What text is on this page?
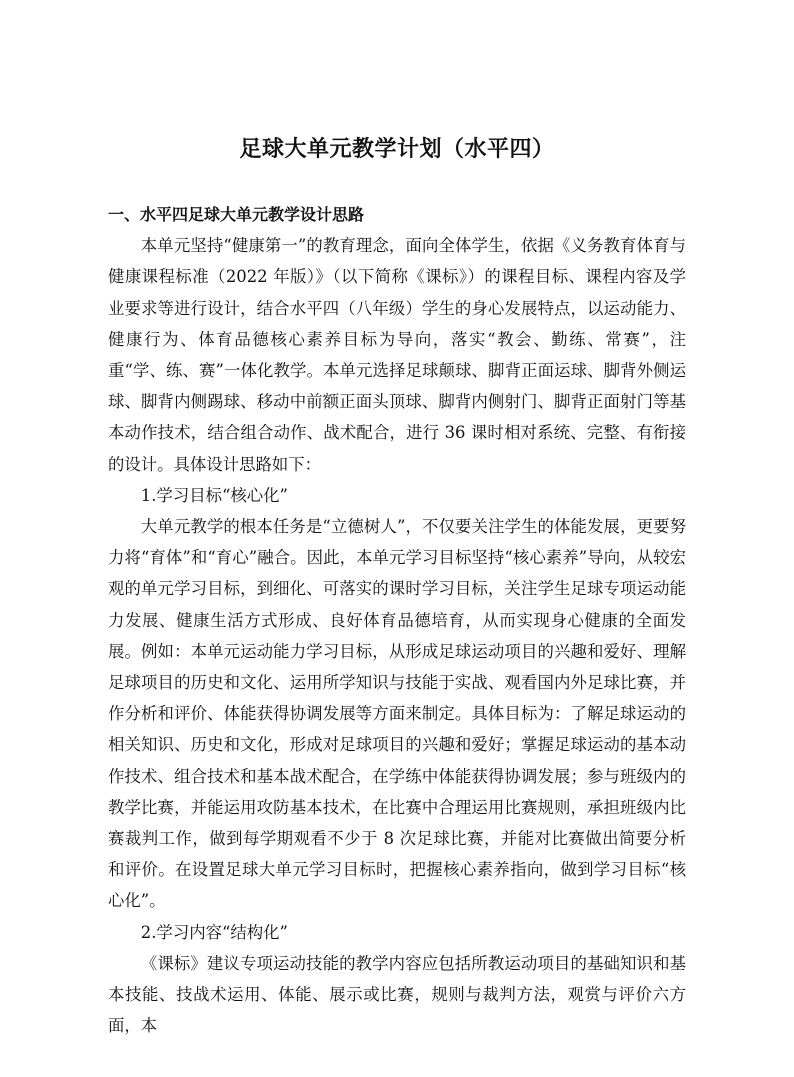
足球大单元教学计划（水平四）
一、水平四足球大单元教学设计思路

本单元坚持“健康第一”的教育理念，面向全体学生，依据《义务教育体育与健康课程标准（2022 年版）》（以下简称《课标》）的课程目标、课程内容及学业要求等进行设计，结合水平四（八年级）学生的身心发展特点，以运动能力、健康行为、体育品德核心素养目标为导向，落实“教会、勤练、常赛”，注重“学、练、赛”一体化教学。本单元选择足球颠球、脚背正面运球、脚背外侧运球、脚背内侧踢球、移动中前额正面头顶球、脚背内侧射门、脚背正面射门等基本动作技术，结合组合动作、战术配合，进行 36 课时相对系统、完整、有衔接的设计。具体设计思路如下：

1.学习目标“核心化”

大单元教学的根本任务是“立德树人”，不仅要关注学生的体能发展，更要努力将“育体”和“育心”融合。因此，本单元学习目标坚持“核心素养”导向，从较宏观的单元学习目标，到细化、可落实的课时学习目标，关注学生足球专项运动能力发展、健康生活方式形成、良好体育品德培育，从而实现身心健康的全面发展。例如：本单元运动能力学习目标，从形成足球运动项目的兴趣和爱好、理解足球项目的历史和文化、运用所学知识与技能于实战、观看国内外足球比赛，并作分析和评价、体能获得协调发展等方面来制定。具体目标为：了解足球运动的相关知识、历史和文化，形成对足球项目的兴趣和爱好；掌握足球运动的基本动作技术、组合技术和基本战术配合，在学练中体能获得协调发展；参与班级内的教学比赛，并能运用攻防基本技术，在比赛中合理运用比赛规则，承担班级内比赛裁判工作，做到每学期观看不少于 8 次足球比赛，并能对比赛做出简要分析和评价。在设置足球大单元学习目标时，把握核心素养指向，做到学习目标“核心化”。

2.学习内容“结构化”

《课标》建议专项运动技能的教学内容应包括所教运动项目的基础知识和基本技能、技战术运用、体能、展示或比赛，规则与裁判方法，观赏与评价六方面，本
